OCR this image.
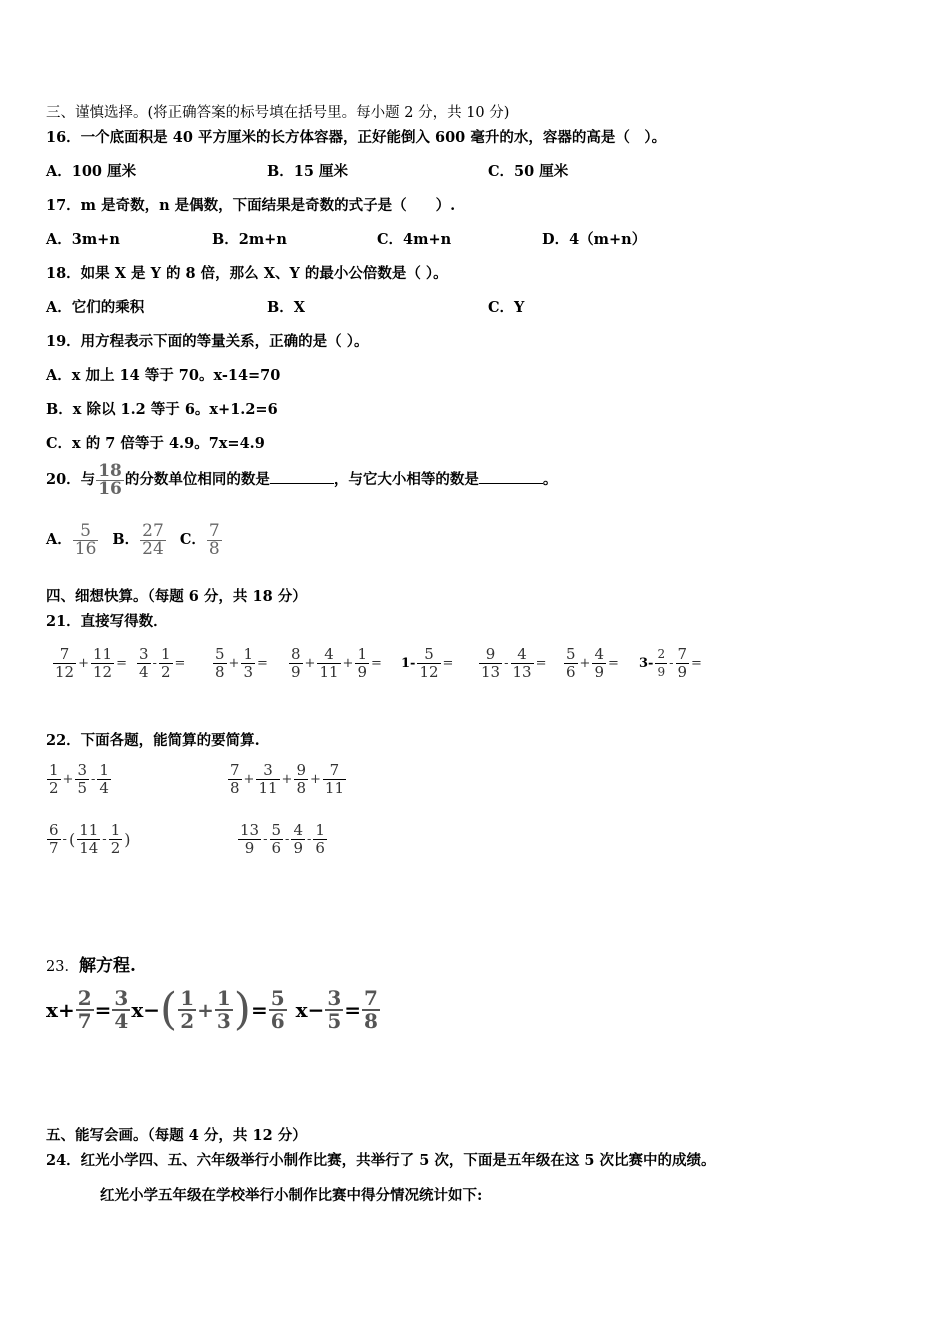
三、谨慎选择。(将正确答案的标号填在括号里。每小题 2 分，共 10 分)
16．一个底面积是 40 平方厘米的长方体容器，正好能倒入 600 毫升的水，容器的高是（　）。
A．100 厘米	B．15 厘米	C．50 厘米
17．m 是奇数，n 是偶数，下面结果是奇数的式子是（　　）.
A．3m+n	B．2m+n	C．4m+n	D．4（m+n）
18．如果 X 是 Y 的 8 倍，那么 X、Y 的最小公倍数是（ ）。
A．它们的乘积	B．X	C．Y
19．用方程表示下面的等量关系，正确的是（ ）。
A．x 加上 14 等于 70。x-14=70
B．x 除以 1.2 等于 6。x+1.2=6
C．x 的 7 倍等于 4.9。7x=4.9
20．与 $\frac{18}{16}$ 的分数单位相同的数是	，与它大小相等的数是	。
A． $\frac{5}{16}$ B． $\frac{27}{24}$ C． $\frac{7}{8}$
四、细想快算。（每题 6 分，共 18 分）
21．直接写得数．
$\frac{7}{12} + \frac{11}{12} = \frac{3}{4} - \frac{1}{2} = \frac{5}{8} + \frac{1}{3} = \frac{8}{9} + \frac{4}{11} + \frac{1}{9} = 1- \frac{5}{12} = \frac{9}{13} - \frac{4}{13} = \frac{5}{6} + \frac{4}{9} = 3- \frac{2}{9} - \frac{7}{9}$ =
22．下面各题，能简算的要简算.
$\frac{1}{2} + \frac{3}{5} - \frac{1}{4}$	$\frac{7}{8} + \frac{3}{11} + \frac{9}{8} + \frac{7}{11}$
$\frac{6}{7}$ - ( $\frac{11}{14} - \frac{1}{2}$ )	$\frac{13}{9} - \frac{5}{6} - \frac{4}{9} - \frac{1}{6}$
23．解方程.
$x+ \frac{2}{7} = \frac{3}{4} x-( \frac{1}{2} + \frac{1}{3}$ )= $\frac{5}{6} x- \frac{3}{5} = \frac{7}{8}$
五、能写会画。（每题 4 分，共 12 分）
24．红光小学四、五、六年级举行小制作比赛，共举行了 5 次，下面是五年级在这 5 次比赛中的成绩。
红光小学五年级在学校举行小制作比赛中得分情况统计如下:
